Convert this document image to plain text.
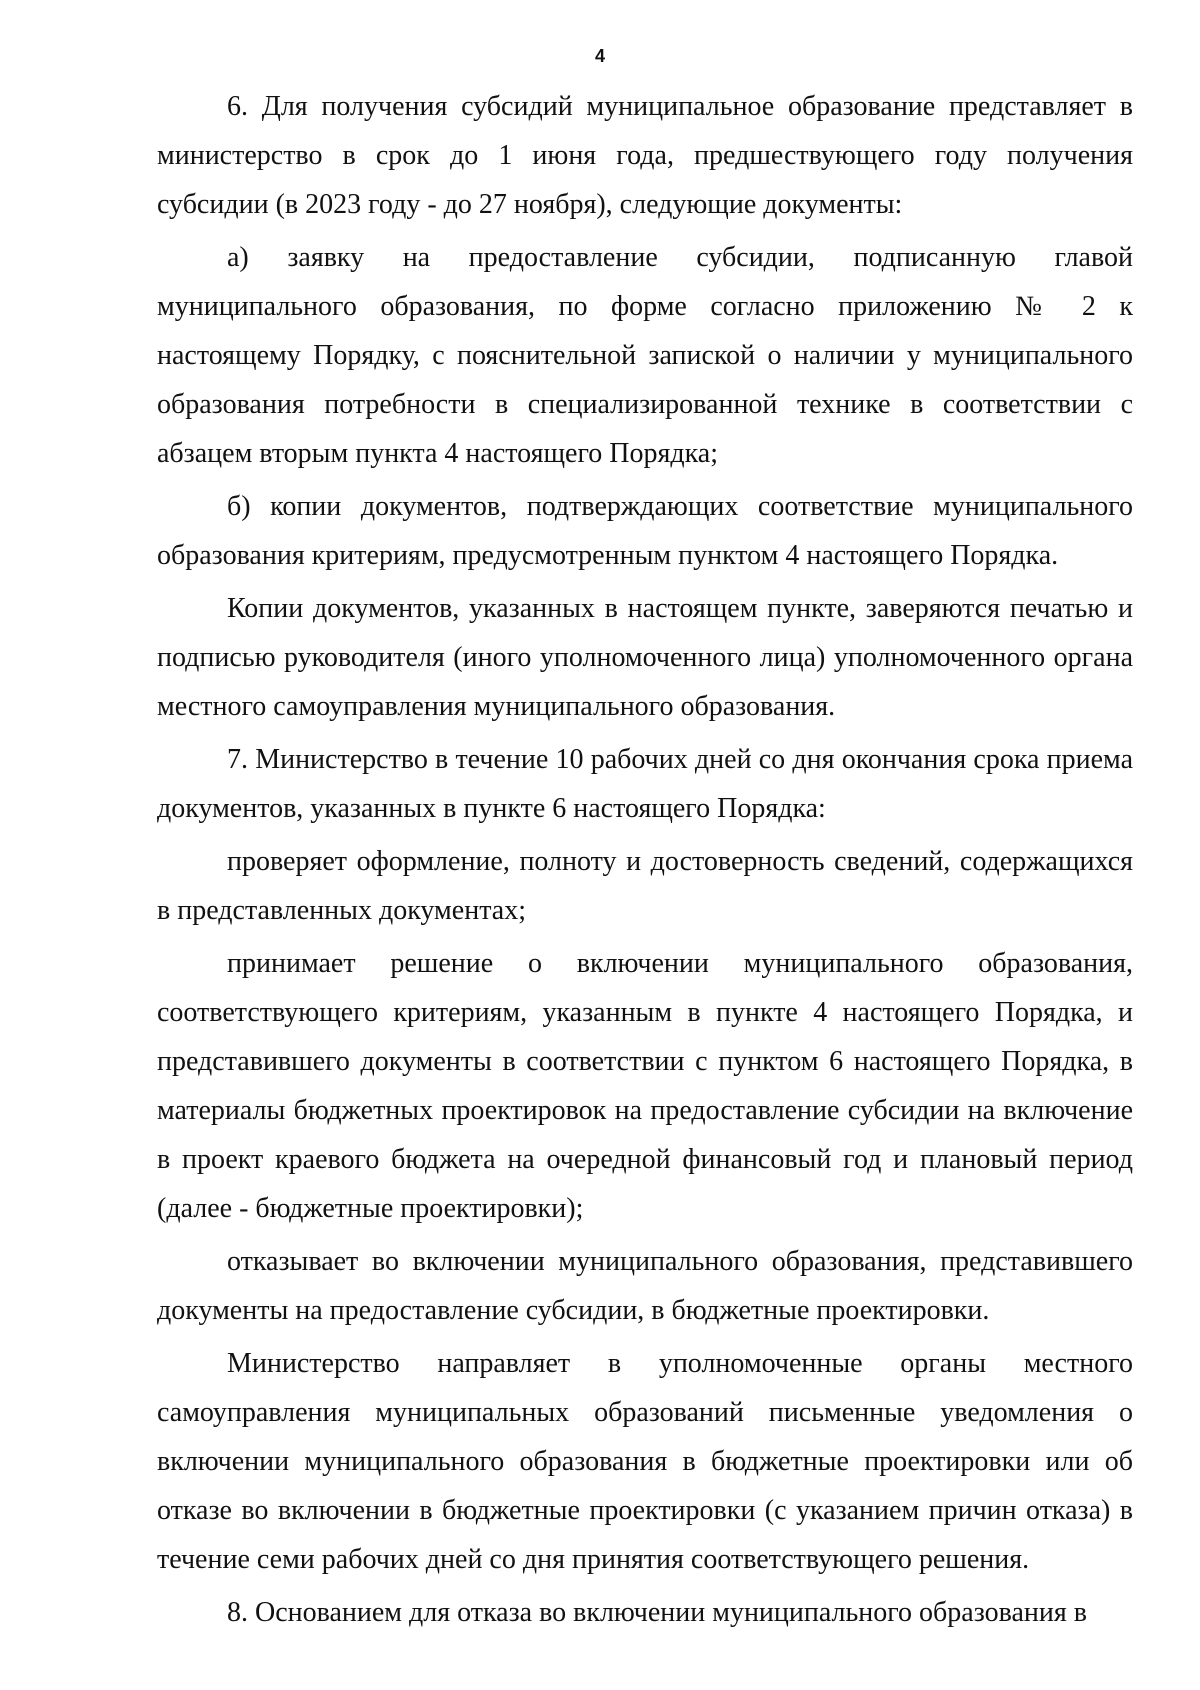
4

6. Для получения субсидий муниципальное образование представляет в министерство в срок до 1 июня года, предшествующего году получения субсидии (в 2023 году - до 27 ноября), следующие документы:

а) заявку на предоставление субсидии, подписанную главой муниципального образования, по форме согласно приложению № 2 к настоящему Порядку, с пояснительной запиской о наличии у муниципального образования потребности в специализированной технике в соответствии с абзацем вторым пункта 4 настоящего Порядка;

б) копии документов, подтверждающих соответствие муниципального образования критериям, предусмотренным пунктом 4 настоящего Порядка.

Копии документов, указанных в настоящем пункте, заверяются печатью и подписью руководителя (иного уполномоченного лица) уполномоченного органа местного самоуправления муниципального образования.

7. Министерство в течение 10 рабочих дней со дня окончания срока приема документов, указанных в пункте 6 настоящего Порядка:

проверяет оформление, полноту и достоверность сведений, содержащихся в представленных документах;

принимает решение о включении муниципального образования, соответствующего критериям, указанным в пункте 4 настоящего Порядка, и представившего документы в соответствии с пунктом 6 настоящего Порядка, в материалы бюджетных проектировок на предоставление субсидии на включение в проект краевого бюджета на очередной финансовый год и плановый период (далее - бюджетные проектировки);

отказывает во включении муниципального образования, представившего документы на предоставление субсидии, в бюджетные проектировки.

Министерство направляет в уполномоченные органы местного самоуправления муниципальных образований письменные уведомления о включении муниципального образования в бюджетные проектировки или об отказе во включении в бюджетные проектировки (с указанием причин отказа) в течение семи рабочих дней со дня принятия соответствующего решения.

8. Основанием для отказа во включении муниципального образования в
